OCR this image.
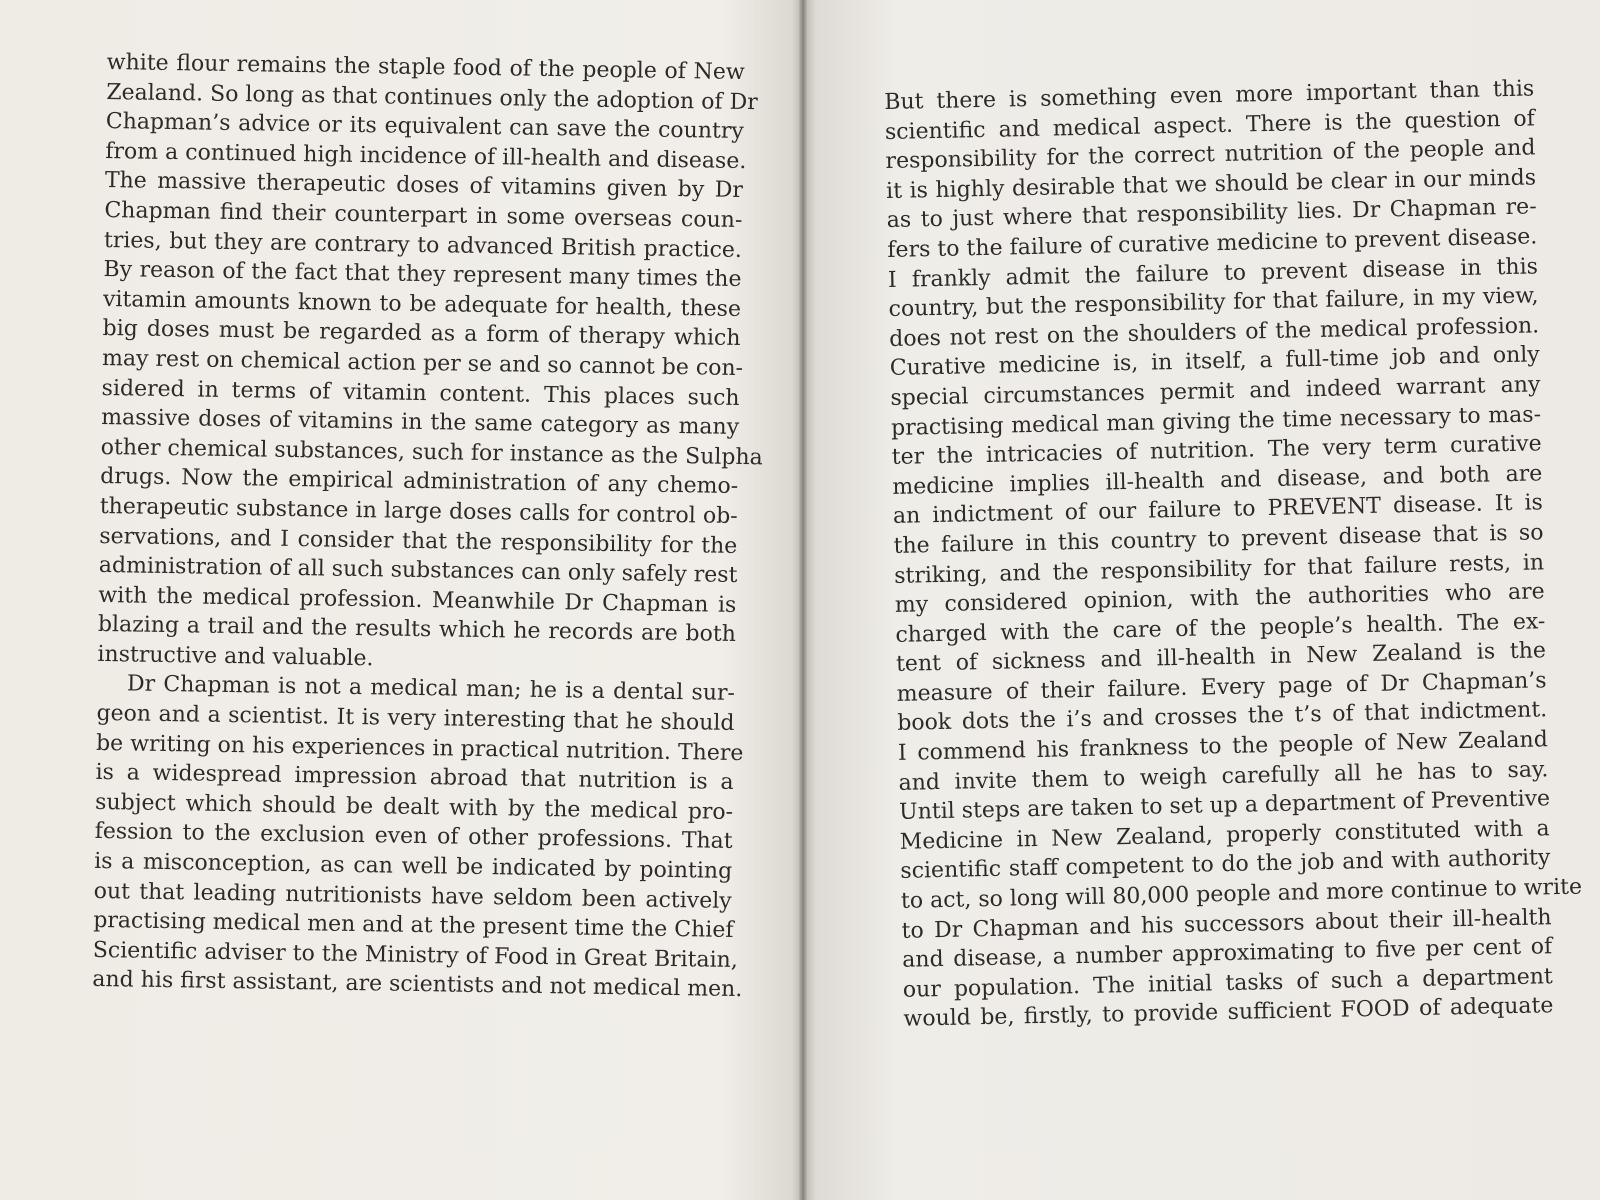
white flour remains the staple food of the people of New
Zealand. So long as that continues only the adoption of Dr
Chapman’s advice or its equivalent can save the country
from a continued high incidence of ill-health and disease.
The massive therapeutic doses of vitamins given by Dr
Chapman find their counterpart in some overseas coun-
tries, but they are contrary to advanced British practice.
By reason of the fact that they represent many times the
vitamin amounts known to be adequate for health, these
big doses must be regarded as a form of therapy which
may rest on chemical action per se and so cannot be con-
sidered in terms of vitamin content. This places such
massive doses of vitamins in the same category as many
other chemical substances, such for instance as the Sulpha
drugs. Now the empirical administration of any chemo-
therapeutic substance in large doses calls for control ob-
servations, and I consider that the responsibility for the
administration of all such substances can only safely rest
with the medical profession. Meanwhile Dr Chapman is
blazing a trail and the results which he records are both
instructive and valuable.
Dr Chapman is not a medical man; he is a dental sur-
geon and a scientist. It is very interesting that he should
be writing on his experiences in practical nutrition. There
is a widespread impression abroad that nutrition is a
subject which should be dealt with by the medical pro-
fession to the exclusion even of other professions. That
is a misconception, as can well be indicated by pointing
out that leading nutritionists have seldom been actively
practising medical men and at the present time the Chief
Scientific adviser to the Ministry of Food in Great Britain,
and his first assistant, are scientists and not medical men.
But there is something even more important than this
scientific and medical aspect. There is the question of
responsibility for the correct nutrition of the people and
it is highly desirable that we should be clear in our minds
as to just where that responsibility lies. Dr Chapman re-
fers to the failure of curative medicine to prevent disease.
I frankly admit the failure to prevent disease in this
country, but the responsibility for that failure, in my view,
does not rest on the shoulders of the medical profession.
Curative medicine is, in itself, a full-time job and only
special circumstances permit and indeed warrant any
practising medical man giving the time necessary to mas-
ter the intricacies of nutrition. The very term curative
medicine implies ill-health and disease, and both are
an indictment of our failure to PREVENT disease. It is
the failure in this country to prevent disease that is so
striking, and the responsibility for that failure rests, in
my considered opinion, with the authorities who are
charged with the care of the people’s health. The ex-
tent of sickness and ill-health in New Zealand is the
measure of their failure. Every page of Dr Chapman’s
book dots the i’s and crosses the t’s of that indictment.
I commend his frankness to the people of New Zealand
and invite them to weigh carefully all he has to say.
Until steps are taken to set up a department of Preventive
Medicine in New Zealand, properly constituted with a
scientific staff competent to do the job and with authority
to act, so long will 80,000 people and more continue to write
to Dr Chapman and his successors about their ill-health
and disease, a number approximating to five per cent of
our population. The initial tasks of such a department
would be, firstly, to provide sufficient FOOD of adequate
